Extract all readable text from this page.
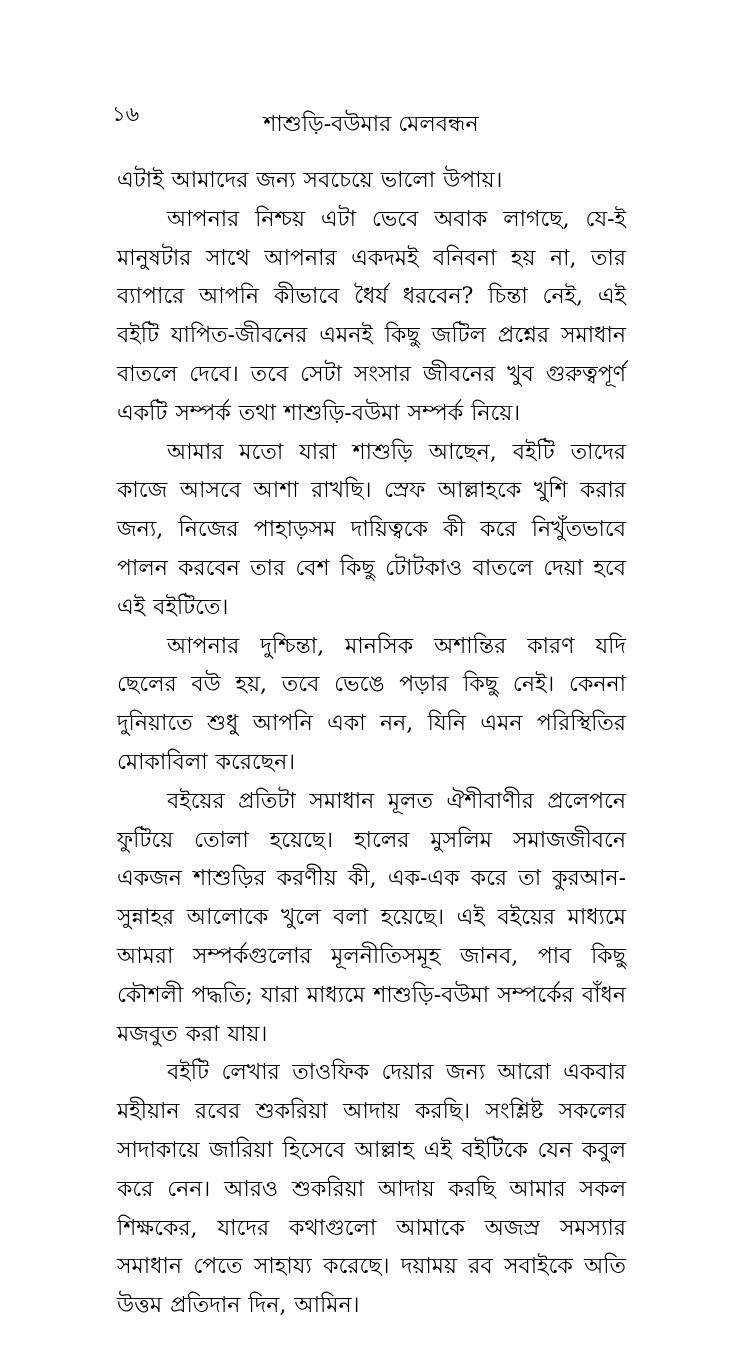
১৬	শাশুড়ি-বউমার মেলবন্ধন

এটাই আমাদের জন্য সবচেয়ে ভালো উপায়।

আপনার নিশ্চয় এটা ভেবে অবাক লাগছে, যে-ই মানুষটার সাথে আপনার একদমই বনিবনা হয় না, তার ব্যাপারে আপনি কীভাবে ধৈর্য ধরবেন? চিন্তা নেই, এই বইটি যাপিত-জীবনের এমনই কিছু জটিল প্রশ্নের সমাধান বাতলে দেবে। তবে সেটা সংসার জীবনের খুব গুরুত্বপূর্ণ একটি সম্পর্ক তথা শাশুড়ি-বউমা সম্পর্ক নিয়ে।

আমার মতো যারা শাশুড়ি আছেন, বইটি তাদের কাজে আসবে আশা রাখছি। স্রেফ আল্লাহকে খুশি করার জন্য, নিজের পাহাড়সম দায়িত্বকে কী করে নিখুঁতভাবে পালন করবেন তার বেশ কিছু টোটকাও বাতলে দেয়া হবে এই বইটিতে।

আপনার দুশ্চিন্তা, মানসিক অশান্তির কারণ যদি ছেলের বউ হয়, তবে ভেঙে পড়ার কিছু নেই। কেননা দুনিয়াতে শুধু আপনি একা নন, যিনি এমন পরিস্থিতির মোকাবিলা করেছেন।

বইয়ের প্রতিটা সমাধান মূলত ঐশীবাণীর প্রলেপনে ফুটিয়ে তোলা হয়েছে। হালের মুসলিম সমাজজীবনে একজন শাশুড়ির করণীয় কী, এক-এক করে তা কুরআন-সুন্নাহর আলোকে খুলে বলা হয়েছে। এই বইয়ের মাধ্যমে আমরা সম্পর্কগুলোর মূলনীতিসমূহ জানব, পাব কিছু কৌশলী পদ্ধতি; যারা মাধ্যমে শাশুড়ি-বউমা সম্পর্কের বাঁধন মজবুত করা যায়।

বইটি লেখার তাওফিক দেয়ার জন্য আরো একবার মহীয়ান রবের শুকরিয়া আদায় করছি। সংশ্লিষ্ট সকলের সাদাকায়ে জারিয়া হিসেবে আল্লাহ এই বইটিকে যেন কবুল করে নেন। আরও শুকরিয়া আদায় করছি আমার সকল শিক্ষকের, যাদের কথাগুলো আমাকে অজস্র সমস্যার সমাধান পেতে সাহায্য করেছে। দয়াময় রব সবাইকে অতি উত্তম প্রতিদান দিন, আমিন।
